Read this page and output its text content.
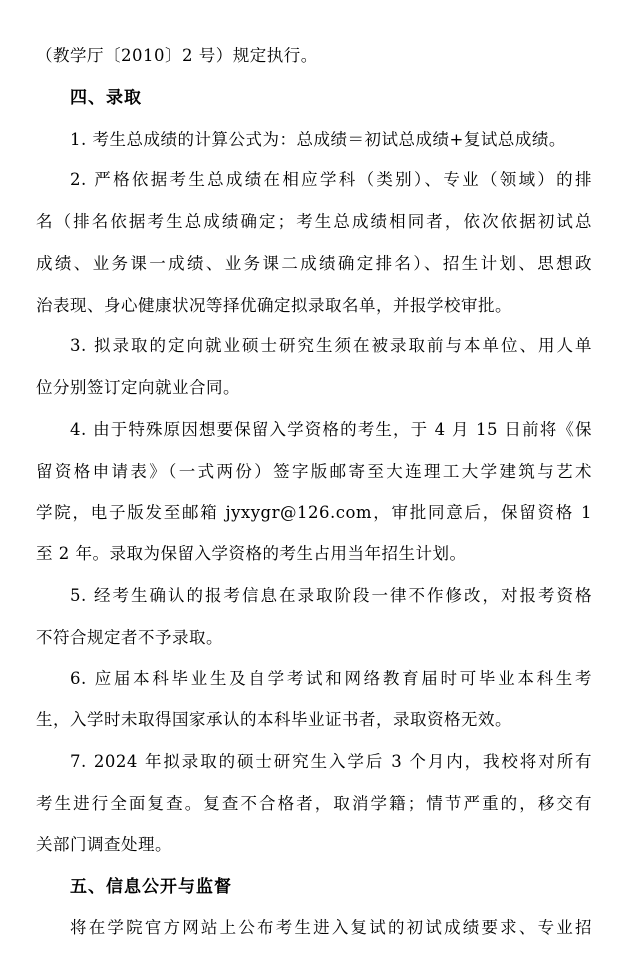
（教学厅〔2010〕2 号）规定执行。
四、录取
1. 考生总成绩的计算公式为：总成绩＝初试总成绩+复试总成绩。
2. 严格依据考生总成绩在相应学科（类别）、专业（领域）的排
名（排名依据考生总成绩确定；考生总成绩相同者，依次依据初试总
成绩、业务课一成绩、业务课二成绩确定排名）、招生计划、思想政
治表现、身心健康状况等择优确定拟录取名单，并报学校审批。
3. 拟录取的定向就业硕士研究生须在被录取前与本单位、用人单
位分别签订定向就业合同。
4. 由于特殊原因想要保留入学资格的考生，于 4 月 15 日前将《保
留资格申请表》（一式两份）签字版邮寄至大连理工大学建筑与艺术
学院，电子版发至邮箱 jyxygr@126.com，审批同意后，保留资格 1
至 2 年。录取为保留入学资格的考生占用当年招生计划。
5. 经考生确认的报考信息在录取阶段一律不作修改，对报考资格
不符合规定者不予录取。
6. 应届本科毕业生及自学考试和网络教育届时可毕业本科生考
生，入学时未取得国家承认的本科毕业证书者，录取资格无效。
7. 2024 年拟录取的硕士研究生入学后 3 个月内，我校将对所有
考生进行全面复查。复查不合格者，取消学籍；情节严重的，移交有
关部门调查处理。
五、信息公开与监督
将在学院官方网站上公布考生进入复试的初试成绩要求、专业招
